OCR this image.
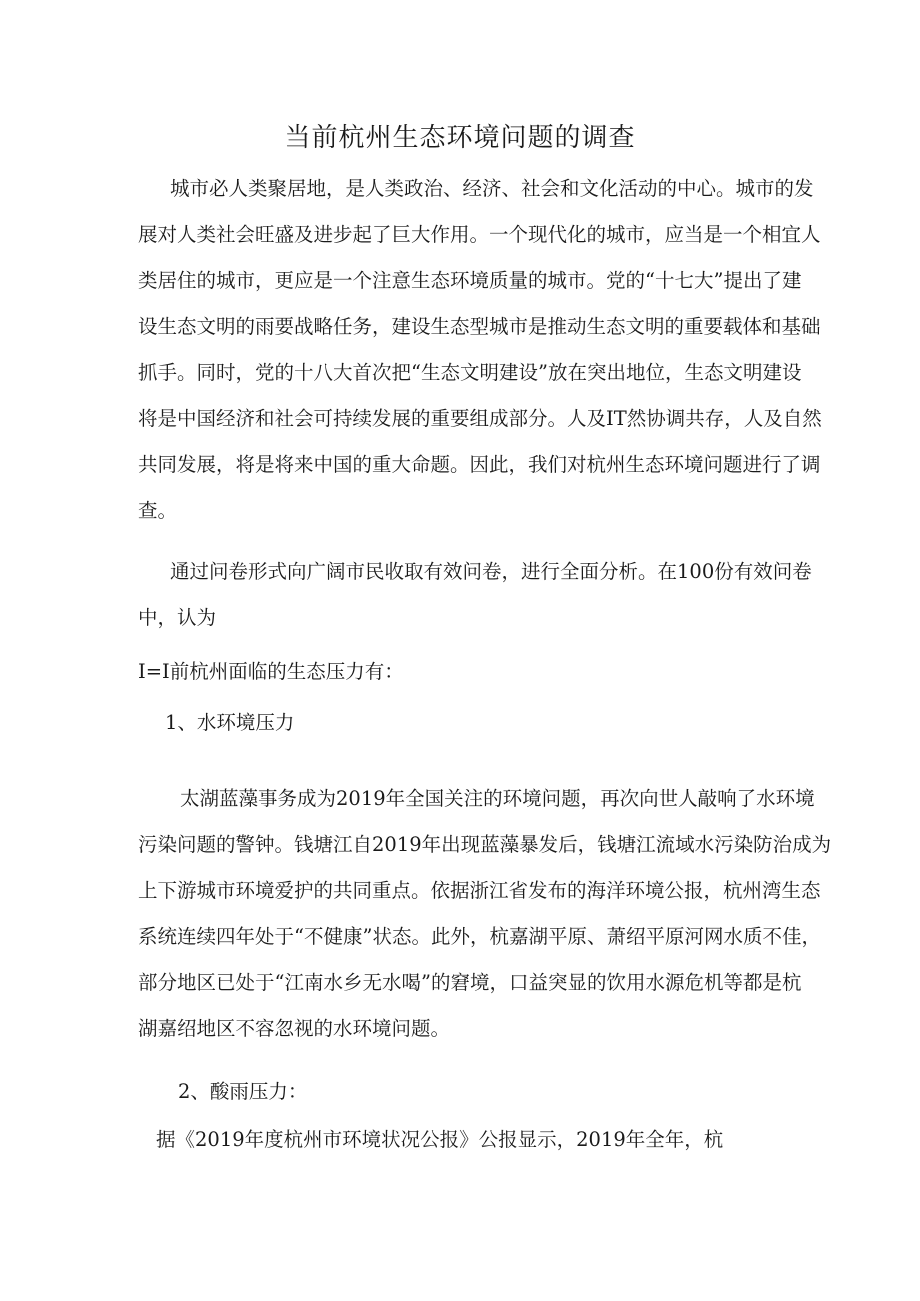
当前杭州生态环境问题的调查

城市必人类聚居地，是人类政治、经济、社会和文化活动的中心。城市的发

展对人类社会旺盛及进步起了巨大作用。一个现代化的城市，应当是一个相宜人

类居住的城市，更应是一个注意生态环境质量的城市。党的“十七大”提出了建

设生态文明的雨要战略任务，建设生态型城市是推动生态文明的重要载体和基础

抓手。同时，党的十八大首次把“生态文明建设”放在突出地位，生态文明建设

将是中国经济和社会可持续发展的重要组成部分。人及IT然协调共存，人及自然

共同发展，将是将来中国的重大命题。因此，我们对杭州生态环境问题进行了调

查。

通过问卷形式向广阔市民收取有效问卷，进行全面分析。在100份有效问卷

中，认为

I=I前杭州面临的生态压力有：

1、水环境压力

太湖蓝藻事务成为2019年全国关注的环境问题，再次向世人敲响了水环境

污染问题的警钟。钱塘江自2019年出现蓝藻暴发后，钱塘江流域水污染防治成为

上下游城市环境爱护的共同重点。依据浙江省发布的海洋环境公报，杭州湾生态

系统连续四年处于“不健康”状态。此外，杭嘉湖平原、萧绍平原河网水质不佳，

部分地区已处于“江南水乡无水喝”的窘境，口益突显的饮用水源危机等都是杭

湖嘉绍地区不容忽视的水环境问题。

2、酸雨压力：

据《2019年度杭州市环境状况公报》公报显示，2019年全年，杭
